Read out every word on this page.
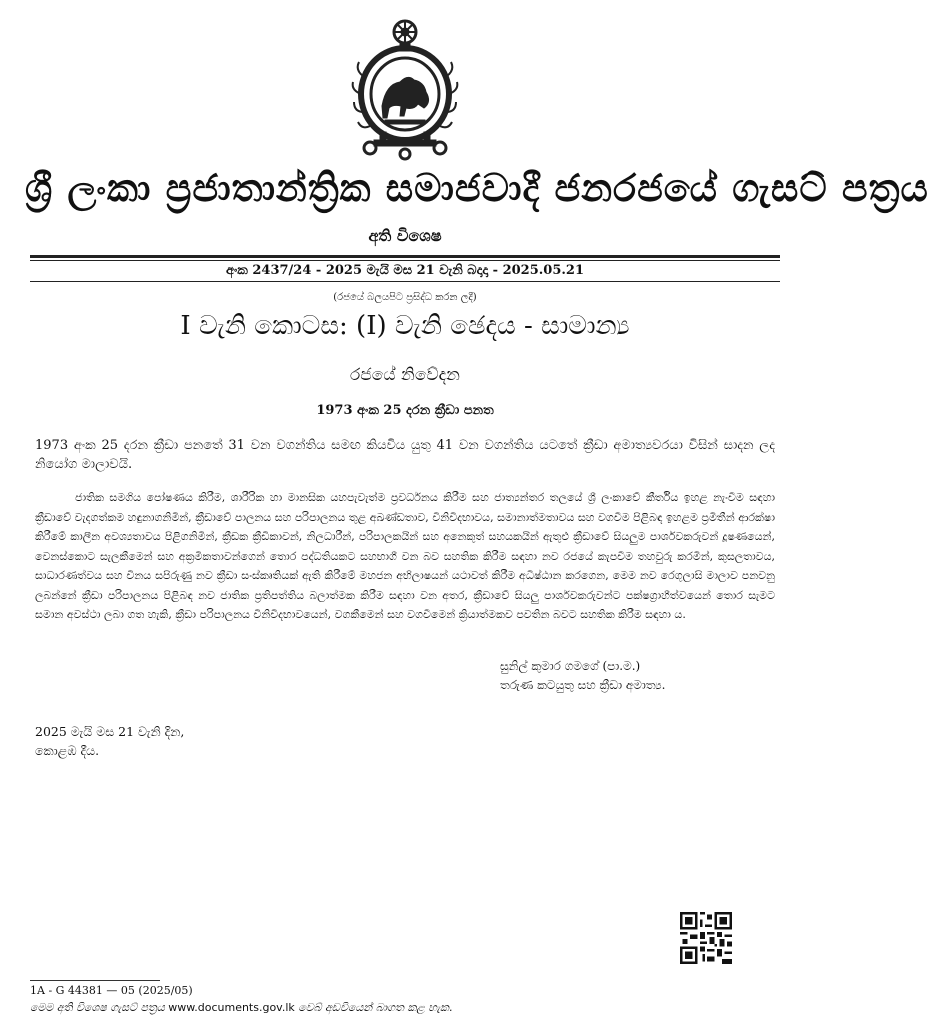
ශ්‍රී ලංකා ප්‍රජාතාන්ත්‍රික සමාජවාදී ජනරජයේ ගැසට් පත්‍රය
අති විශෙෂ
අංක 2437/24 - 2025 මැයි මස 21 වැනි බදාදා - 2025.05.21
(රජයේ බලයපිට ප්‍රසිද්ධ කරන ලදී)
I වැනි කොටස: (I) වැනි ඡෙදය - සාමාන්‍ය
රජයේ නිවේදන
1973 අංක 25 දරන ක්‍රීඩා පනත
1973 අංක 25 දරන ක්‍රීඩා පනතේ 31 වන වගන්තිය සමඟ කියවිය යුතු 41 වන වගන්තිය යටතේ ක්‍රීඩා අමාත්‍යවරයා විසින් සාදන ලද නියෝග මාලාවයි.
ජාතික සමගිය පෝෂණය කිරීම, ශාරීරික හා මානසික යහපැවැත්ම ප්‍රවර්ධනය කිරීම සහ ජාත්‍යන්තර තලයේ ශ්‍රී ලංකාවේ කීර්තිය ඉහළ නැංවීම සඳහා ක්‍රීඩාවේ වැදගත්කම හඳුනාගනිමින්, ක්‍රීඩාවේ පාලනය සහ පරිපාලනය තුළ අඛණ්ඩතාව, විනිවිදභාවය, සමානාත්මතාවය සහ වගවීම පිළිබඳ ඉහළම ප්‍රමිතීන් ආරක්ෂා කිරීමේ කාලීන අවශ්‍යතාවය පිළිගනිමින්, ක්‍රීඩක ක්‍රීඩිකාවන්, නිලධාරීන්, පරිපාලකයින් සහ අනෙකුත් සහයකයින් ඇතුළු ක්‍රීඩාවේ සියලුම පාර්ශවකරුවන් දූෂණයෙන්, වෙනස්කොට සැලකීමෙන් සහ අක්‍රමිකතාවන්ගෙන් තොර පද්ධතියකට සහභාගී වන බව සහතික කිරීම සඳහා නව රජයේ කැපවීම තහවුරු කරමින්, කුසලතාවය, සාධාරණත්වය සහ විනය සපිරුණු නව ක්‍රීඩා සංස්කෘතියක් ඇති කිරීමේ මහජන අභිලාෂයන් යථාවත් කිරීම අධිෂ්ඨාන කරගෙන, මෙම නව රෙගුලාසි මාලාව පනවනු ලබන්නේ ක්‍රීඩා පරිපාලනය පිළිබඳ නව ජාතික ප්‍රතිපත්තිය බලාත්මක කිරීම සඳහා වන අතර, ක්‍රීඩාවේ සියලු පාර්ශවකරුවන්ට පක්ෂග්‍රාහීත්වයෙන් තොර සැමට සමාන අවස්ථා ලබා ගත හැකි, ක්‍රීඩා පරිපාලනය විනිවිදභාවයෙන්, වගකීමෙන් සහ වගවීමෙන් ක්‍රියාත්මකව පවතින බවට සහතික කිරීම සඳහා ය.
සුනිල් කුමාර ගමගේ (පා.ම.)
තරුණ කටයුතු සහ ක්‍රීඩා අමාත්‍ය.
2025 මැයි මස 21 වැනි දින,
කොළඹ දීය.
1A - G 44381 — 05 (2025/05)
මෙම අති විශෙෂ ගැසට් පත්‍රය www.documents.gov.lk වෙබ් අඩවියෙන් බාගත කළ හැක.
